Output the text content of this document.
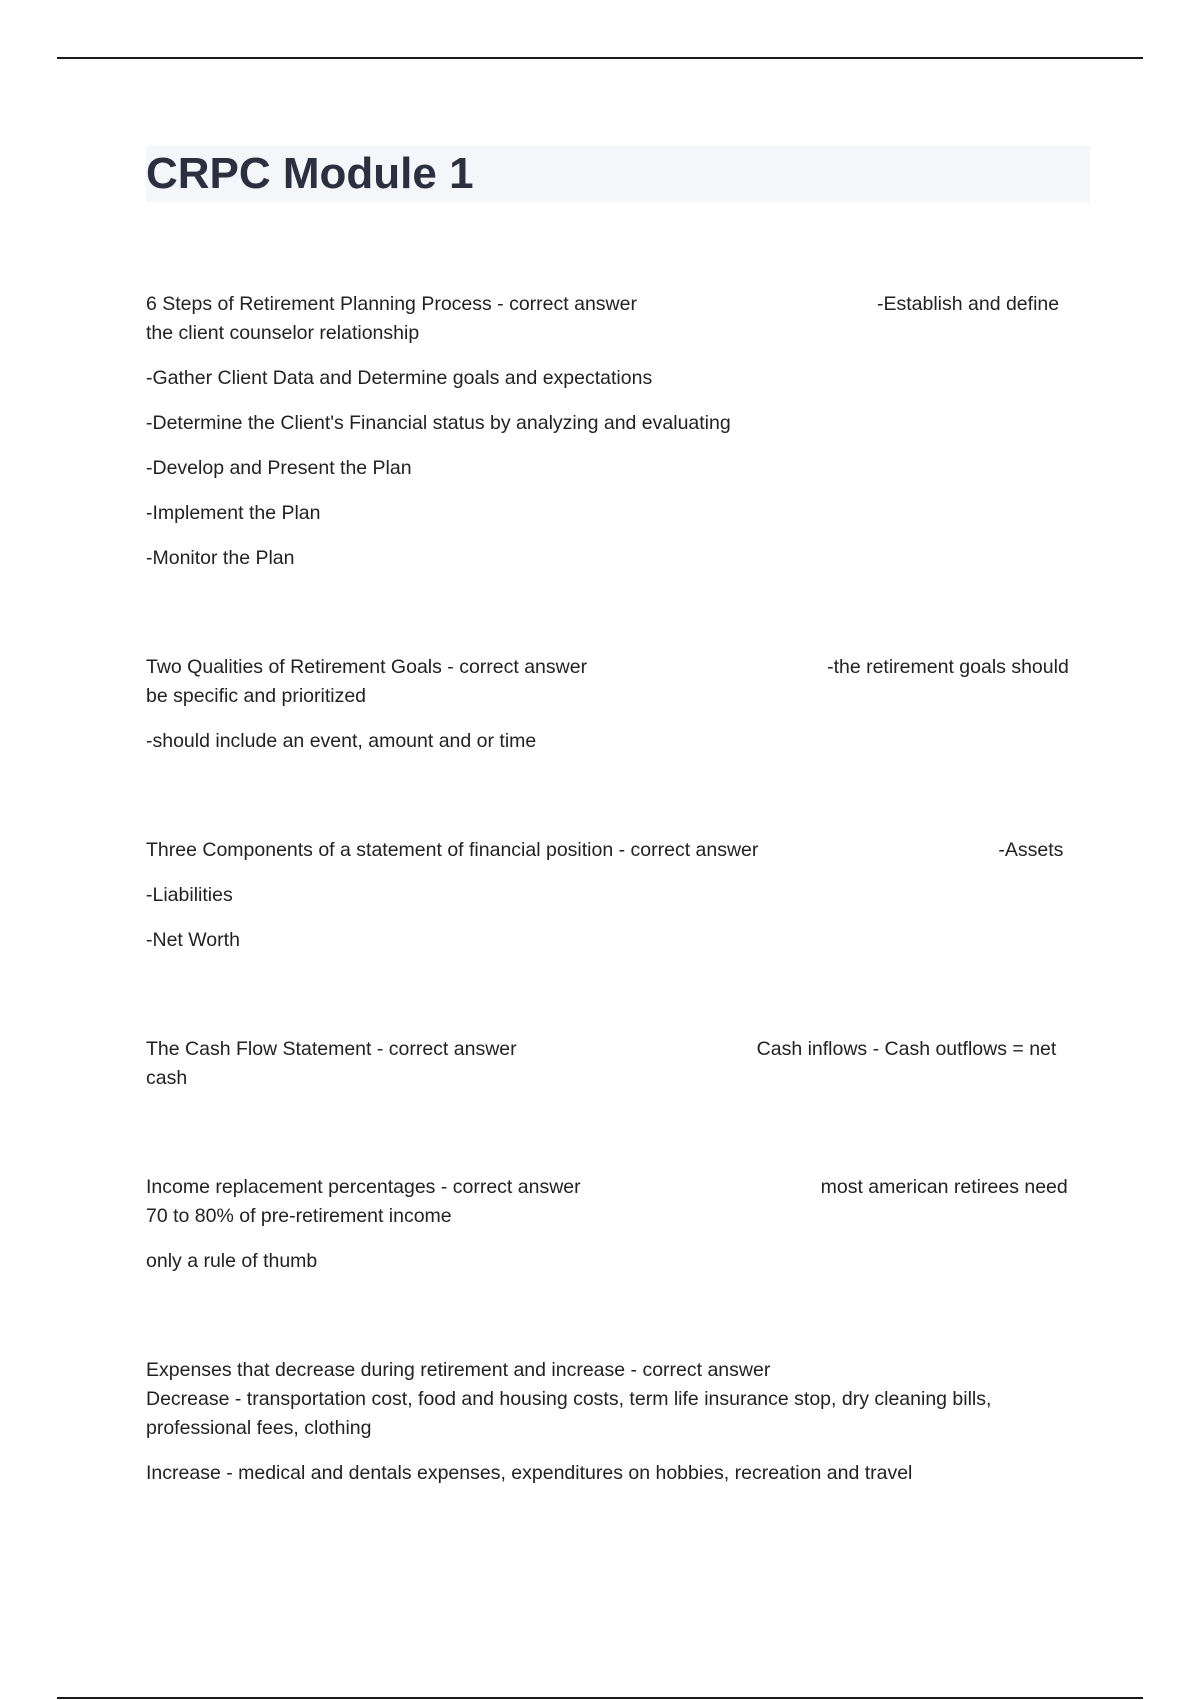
CRPC Module 1

6 Steps of Retirement Planning Process - correct answer	-Establish and define the client counselor relationship

-Gather Client Data and Determine goals and expectations

-Determine the Client's Financial status by analyzing and evaluating

-Develop and Present the Plan

-Implement the Plan

-Monitor the Plan

Two Qualities of Retirement Goals - correct answer	-the retirement goals should be specific and prioritized

-should include an event, amount and or time

Three Components of a statement of financial position - correct answer	-Assets

-Liabilities

-Net Worth

The Cash Flow Statement - correct answer	Cash inflows - Cash outflows = net cash

Income replacement percentages - correct answer	most american retirees need 70 to 80% of pre-retirement income

only a rule of thumb

Expenses that decrease during retirement and increase - correct answer
Decrease - transportation cost, food and housing costs, term life insurance stop, dry cleaning bills, professional fees, clothing

Increase - medical and dentals expenses, expenditures on hobbies, recreation and travel
